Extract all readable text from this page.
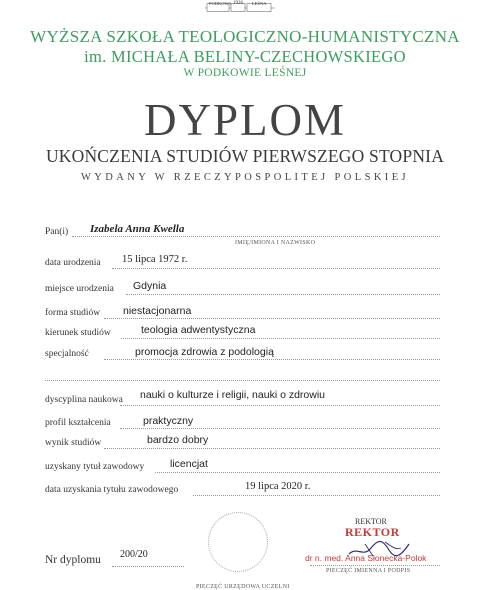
PODKOWA 1926 LEŚNA
WYŻSZA SZKOŁA TEOLOGICZNO-HUMANISTYCZNA
im. MICHAŁA BELINY-CZECHOWSKIEGO
W PODKOWIE LEŚNEJ
DYPLOM
UKOŃCZENIA STUDIÓW PIERWSZEGO STOPNIA
WYDANY W RZECZYPOSPOLITEJ POLSKIEJ
Pan(i) Izabela Anna Kwella
IMIĘ/IMIONA I NAZWISKO
data urodzenia 15 lipca 1972 r.
miejsce urodzenia Gdynia
forma studiów niestacjonarna
kierunek studiów	teologia adwentystyczna
specjalność	promocja zdrowia z podologią
dyscyplina naukowa nauki o kulturze i religii, nauki o zdrowiu
profil kształcenia	praktyczny
wynik studiów	bardzo dobry
uzyskany tytuł zawodowy licencjat
data uzyskania tytułu zawodowego	19 lipca 2020 r.
Nr dyplomu 200/20
PIECZĘĆ URZĘDOWA UCZELNI
REKTOR
REKTOR
dr n. med. Anna Słonecka-Polok
PIECZĘĆ IMIENNA I PODPIS
